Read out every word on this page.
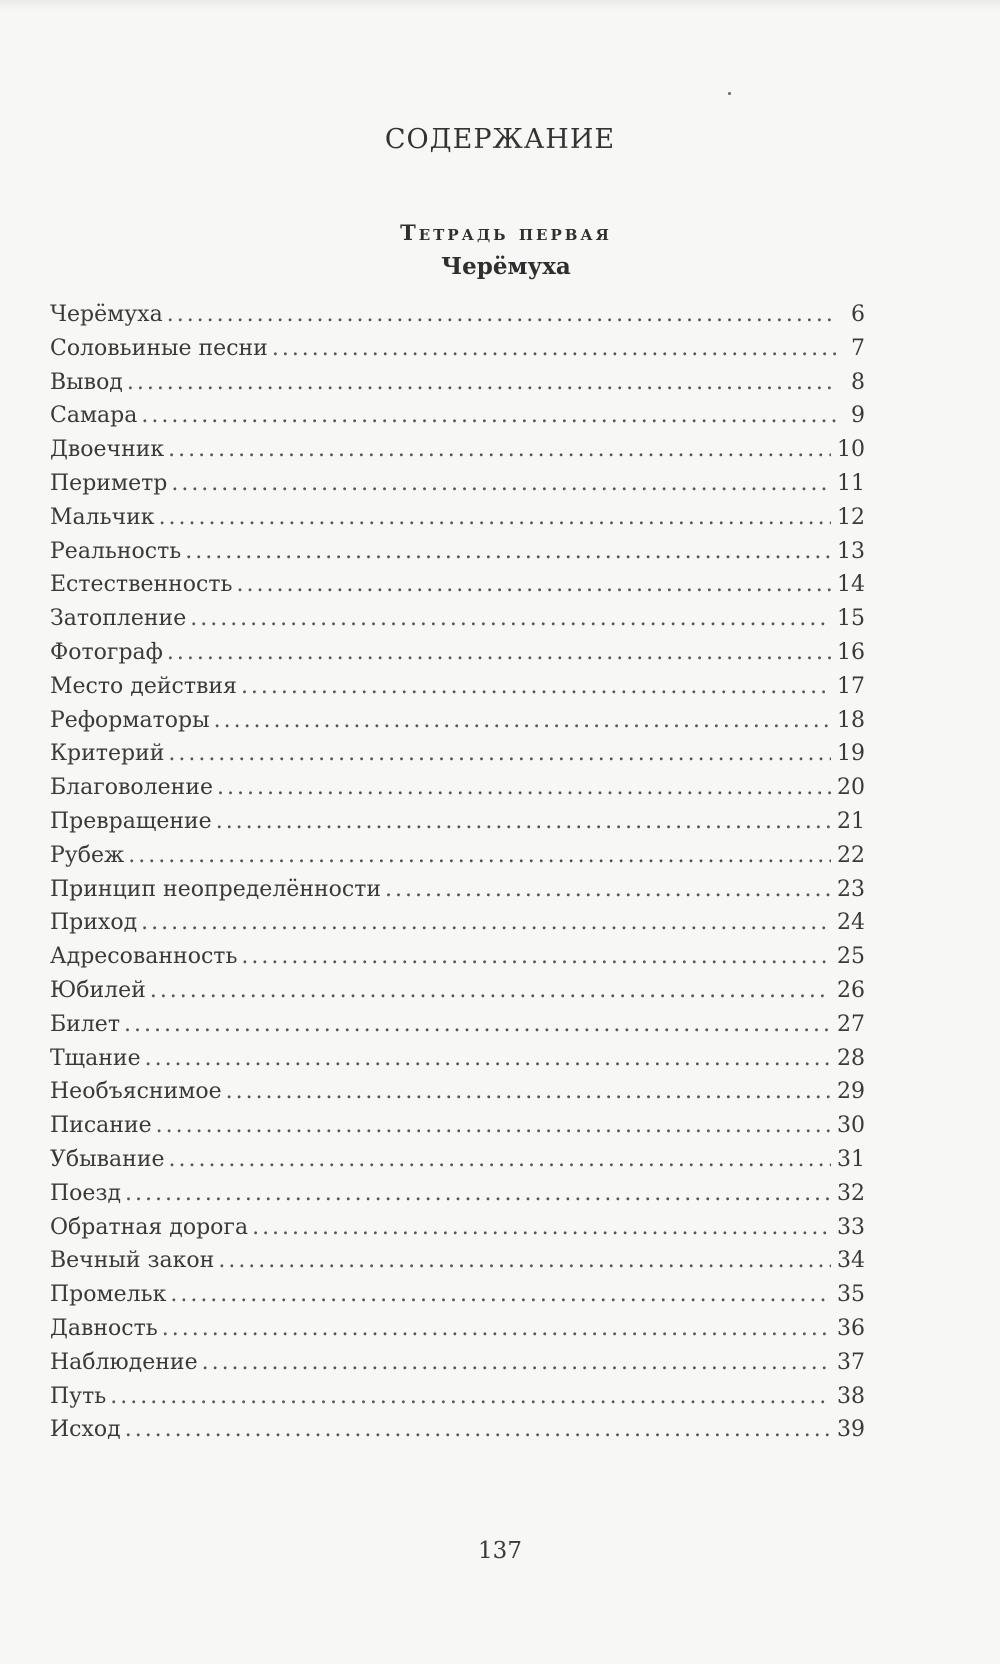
СОДЕРЖАНИЕ
Тетрадь первая
Черёмуха
Черёмуха . . .	6
Соловьиные песни . . .	7
Вывод . . .	8
Самара . . .	9
Двоечник . . .	10
Периметр . . .	11
Мальчик . . .	12
Реальность . . .	13
Естественность . . .	14
Затопление . . .	15
Фотограф . . .	16
Место действия . . .	17
Реформаторы . . .	18
Критерий . . .	19
Благоволение . . .	20
Превращение . . .	21
Рубеж . . .	22
Принцип неопределённости . . .	23
Приход . . .	24
Адресованность . . .	25
Юбилей . . .	26
Билет . . .	27
Тщание . . .	28
Необъяснимое . . .	29
Писание . . .	30
Убывание . . .	31
Поезд . . .	32
Обратная дорога . . .	33
Вечный закон . . .	34
Промельк . . .	35
Давность . . .	36
Наблюдение . . .	37
Путь . . .	38
Исход . . .	39
137
